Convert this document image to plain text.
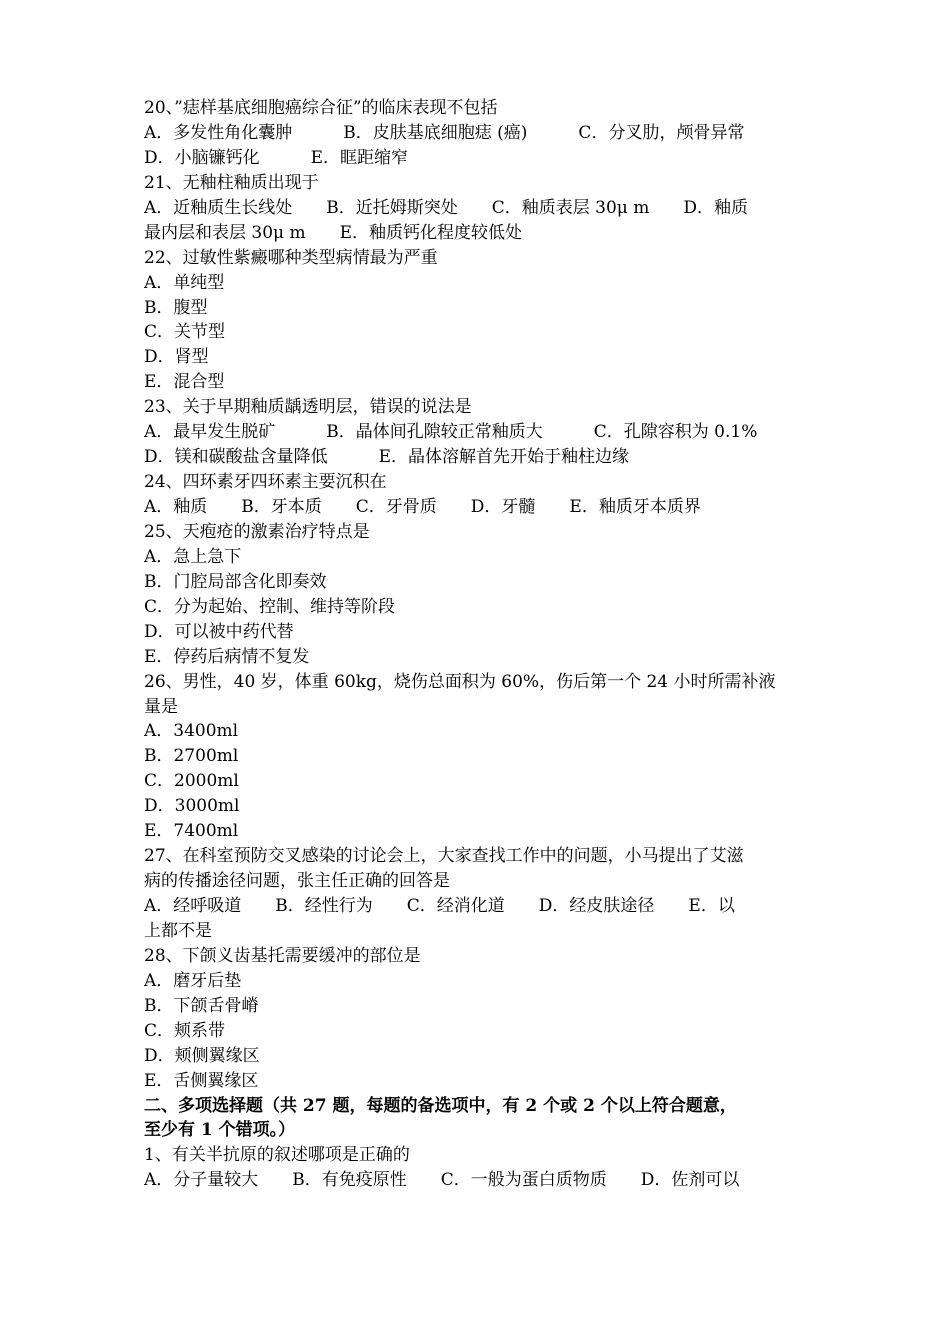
20、”痣样基底细胞癌综合征”的临床表现不包括
A．多发性角化囊肿　　　B．皮肤基底细胞痣 (癌)　　　C．分叉肋，颅骨异常
D．小脑镰钙化　　　E．眶距缩窄
21、无釉柱釉质出现于
A．近釉质生长线处　　B．近托姆斯突处　　C．釉质表层 30μ m　　D．釉质
最内层和表层 30μ m　　E．釉质钙化程度较低处
22、过敏性紫癜哪种类型病情最为严重
A．单纯型
B．腹型
C．关节型
D．肾型
E．混合型
23、关于早期釉质龋透明层，错误的说法是
A．最早发生脱矿　　　B．晶体间孔隙较正常釉质大　　　C．孔隙容积为 0.1%
D．镁和碳酸盐含量降低　　　E．晶体溶解首先开始于釉柱边缘
24、四环素牙四环素主要沉积在
A．釉质　　B．牙本质　　C．牙骨质　　D．牙髓　　E．釉质牙本质界
25、天疱疮的激素治疗特点是
A．急上急下
B．门腔局部含化即奏效
C．分为起始、控制、维持等阶段
D．可以被中药代替
E．停药后病情不复发
26、男性，40 岁，体重 60kg，烧伤总面积为 60%，伤后第一个 24 小时所需补液
量是
A．3400ml
B．2700ml
C．2000ml
D．3000ml
E．7400ml
27、在科室预防交叉感染的讨论会上，大家查找工作中的问题，小马提出了艾滋
病的传播途径问题，张主任正确的回答是
A．经呼吸道　　B．经性行为　　C．经消化道　　D．经皮肤途径　　E．以
上都不是
28、下颌义齿基托需要缓冲的部位是
A．磨牙后垫
B．下颌舌骨嵴
C．颊系带
D．颊侧翼缘区
E．舌侧翼缘区
二、多项选择题（共 27 题，每题的备选项中，有 2 个或 2 个以上符合题意，
至少有 1 个错项。）
1、有关半抗原的叙述哪项是正确的
A．分子量较大　　B．有免疫原性　　C．一般为蛋白质物质　　D．佐剂可以
